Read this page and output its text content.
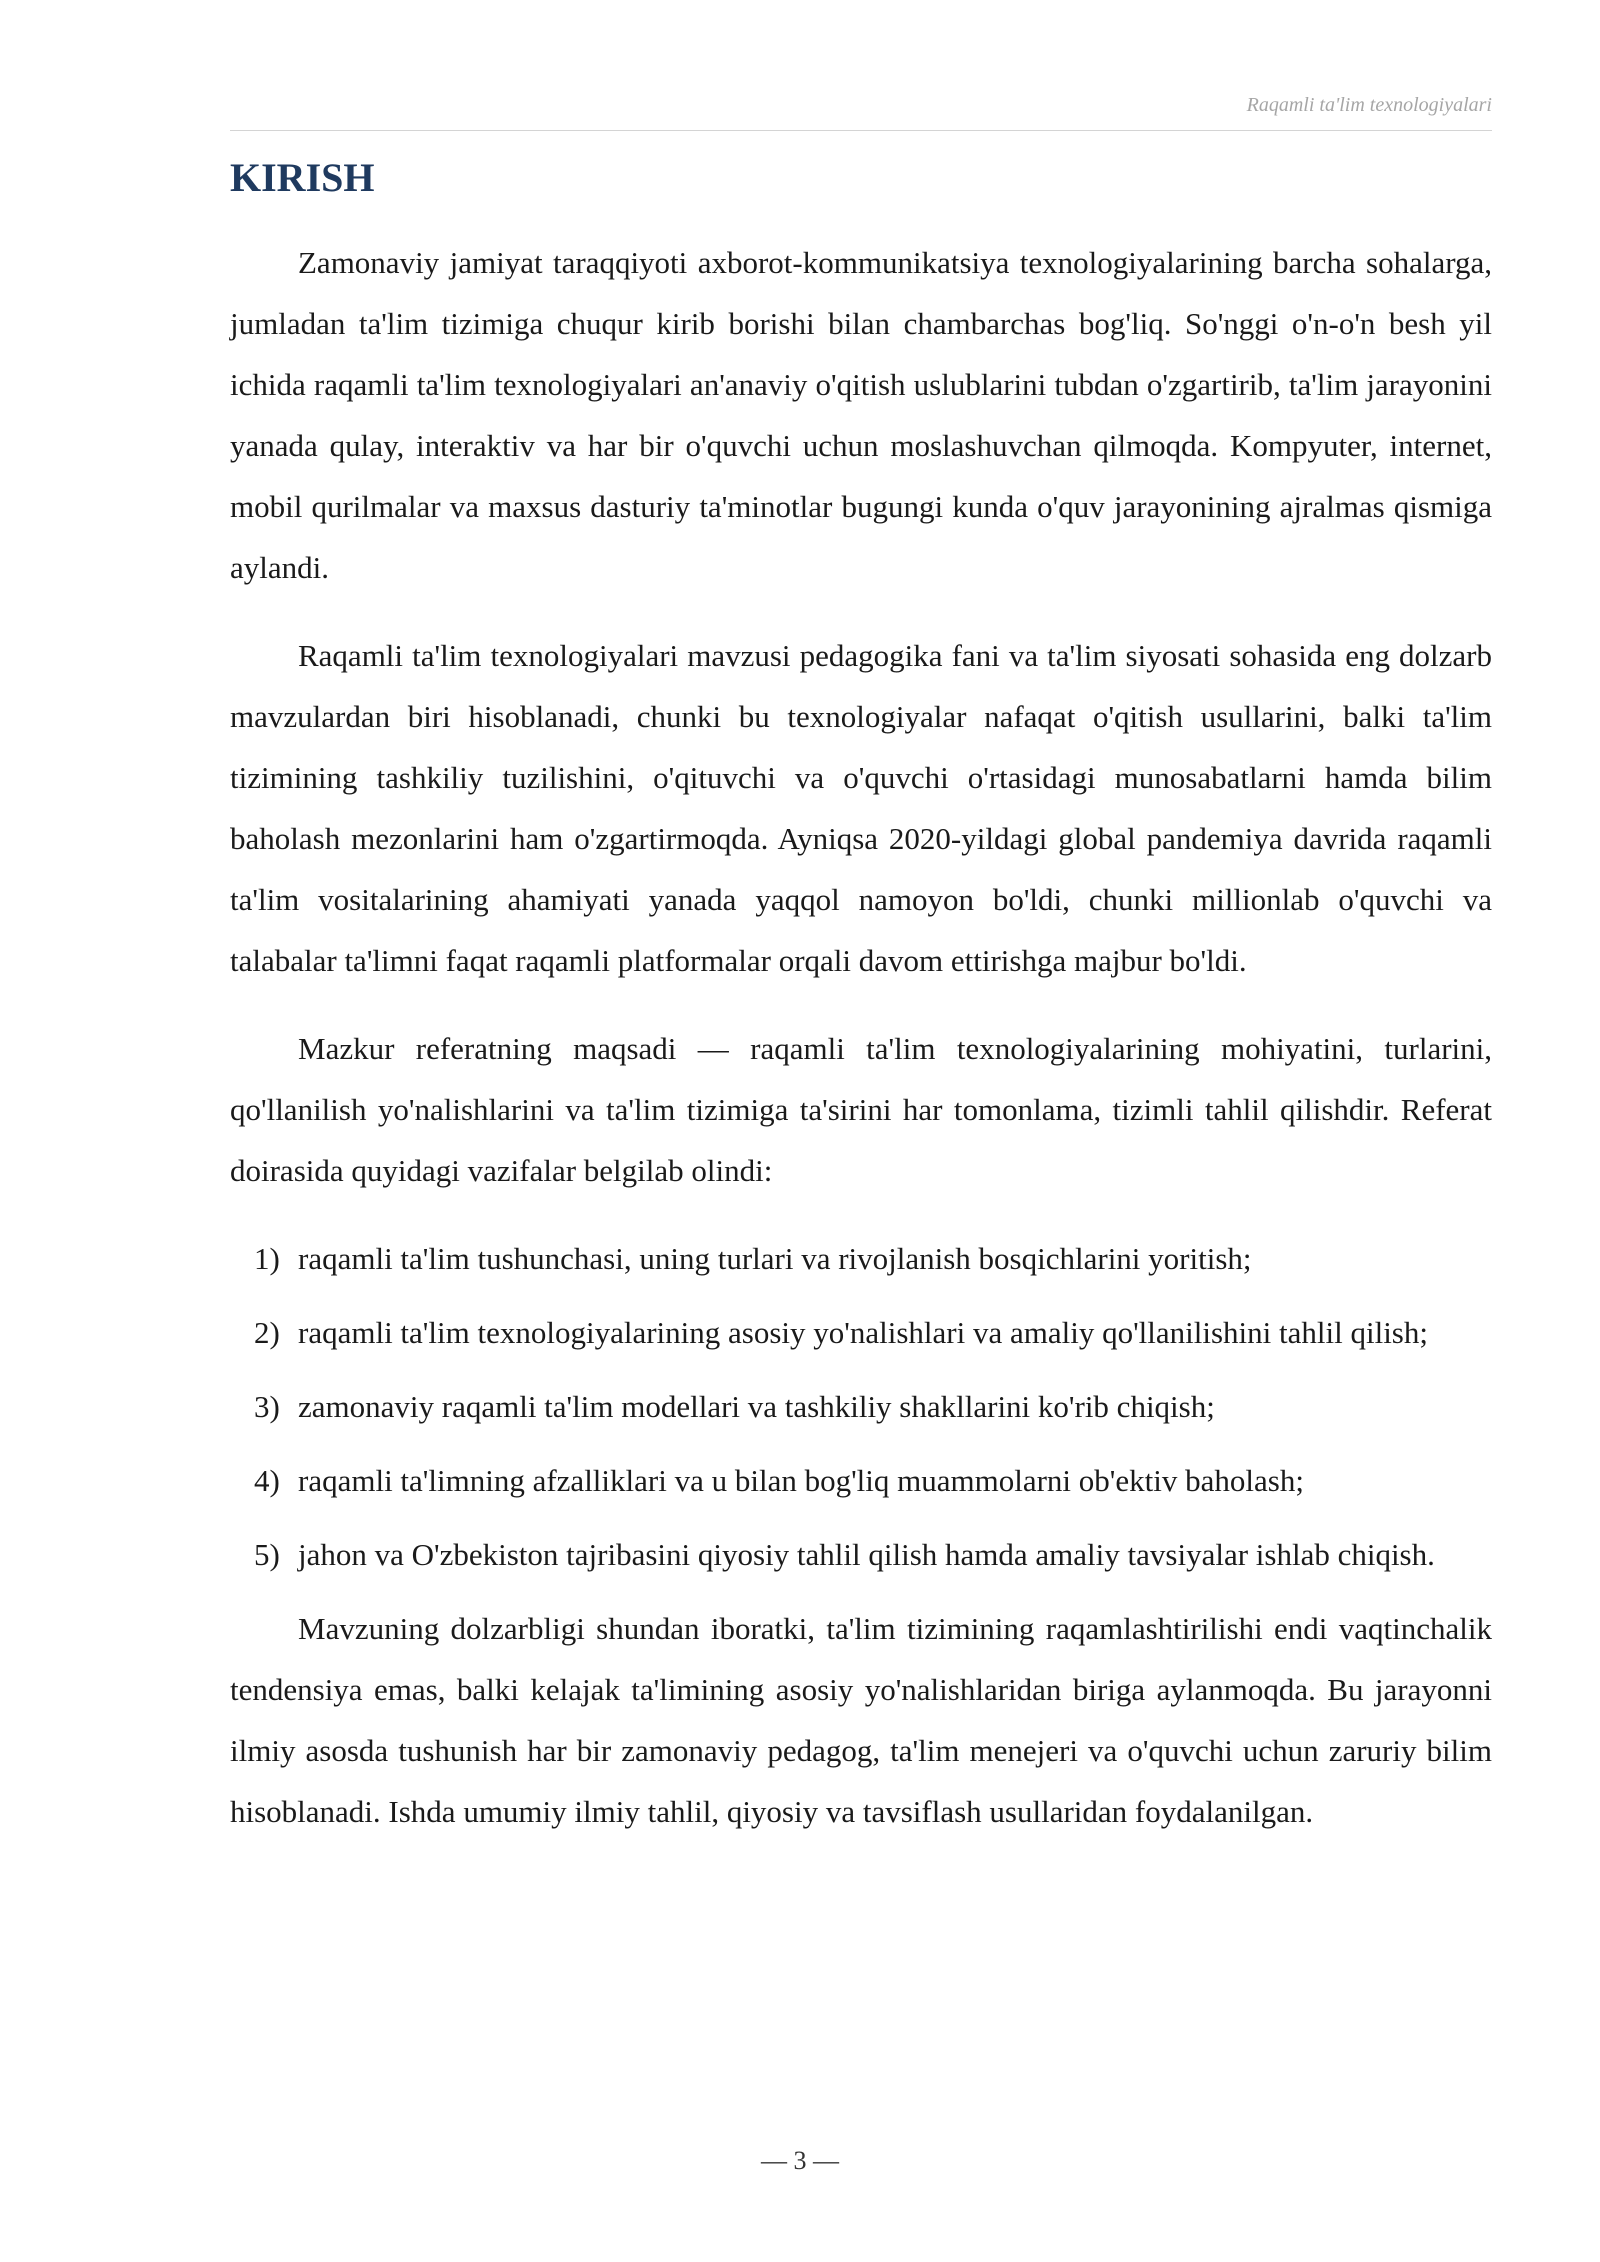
Raqamli ta'lim texnologiyalari
KIRISH

Zamonaviy jamiyat taraqqiyoti axborot-kommunikatsiya texnologiyalarining barcha sohalarga, jumladan ta'lim tizimiga chuqur kirib borishi bilan chambarchas bog'liq. So'nggi o'n-o'n besh yil ichida raqamli ta'lim texnologiyalari an'anaviy o'qitish uslublarini tubdan o'zgartirib, ta'lim jarayonini yanada qulay, interaktiv va har bir o'quvchi uchun moslashuvchan qilmoqda. Kompyuter, internet, mobil qurilmalar va maxsus dasturiy ta'minotlar bugungi kunda o'quv jarayonining ajralmas qismiga aylandi.

Raqamli ta'lim texnologiyalari mavzusi pedagogika fani va ta'lim siyosati sohasida eng dolzarb mavzulardan biri hisoblanadi, chunki bu texnologiyalar nafaqat o'qitish usullarini, balki ta'lim tizimining tashkiliy tuzilishini, o'qituvchi va o'quvchi o'rtasidagi munosabatlarni hamda bilim baholash mezonlarini ham o'zgartirmoqda. Ayniqsa 2020-yildagi global pandemiya davrida raqamli ta'lim vositalarining ahamiyati yanada yaqqol namoyon bo'ldi, chunki millionlab o'quvchi va talabalar ta'limni faqat raqamli platformalar orqali davom ettirishga majbur bo'ldi.

Mazkur referatning maqsadi — raqamli ta'lim texnologiyalarining mohiyatini, turlarini, qo'llanilish yo'nalishlarini va ta'lim tizimiga ta'sirini har tomonlama, tizimli tahlil qilishdir. Referat doirasida quyidagi vazifalar belgilab olindi:

1) raqamli ta'lim tushunchasi, uning turlari va rivojlanish bosqichlarini yoritish;
2) raqamli ta'lim texnologiyalarining asosiy yo'nalishlari va amaliy qo'llanilishini tahlil qilish;
3) zamonaviy raqamli ta'lim modellari va tashkiliy shakllarini ko'rib chiqish;
4) raqamli ta'limning afzalliklari va u bilan bog'liq muammolarni ob'ektiv baholash;
5) jahon va O'zbekiston tajribasini qiyosiy tahlil qilish hamda amaliy tavsiyalar ishlab chiqish.

Mavzuning dolzarbligi shundan iboratki, ta'lim tizimining raqamlashtirilishi endi vaqtinchalik tendensiya emas, balki kelajak ta'limining asosiy yo'nalishlaridan biriga aylanmoqda. Bu jarayonni ilmiy asosda tushunish har bir zamonaviy pedagog, ta'lim menejeri va o'quvchi uchun zaruriy bilim hisoblanadi. Ishda umumiy ilmiy tahlil, qiyosiy va tavsiflash usullaridan foydalanilgan.

— 3 —
